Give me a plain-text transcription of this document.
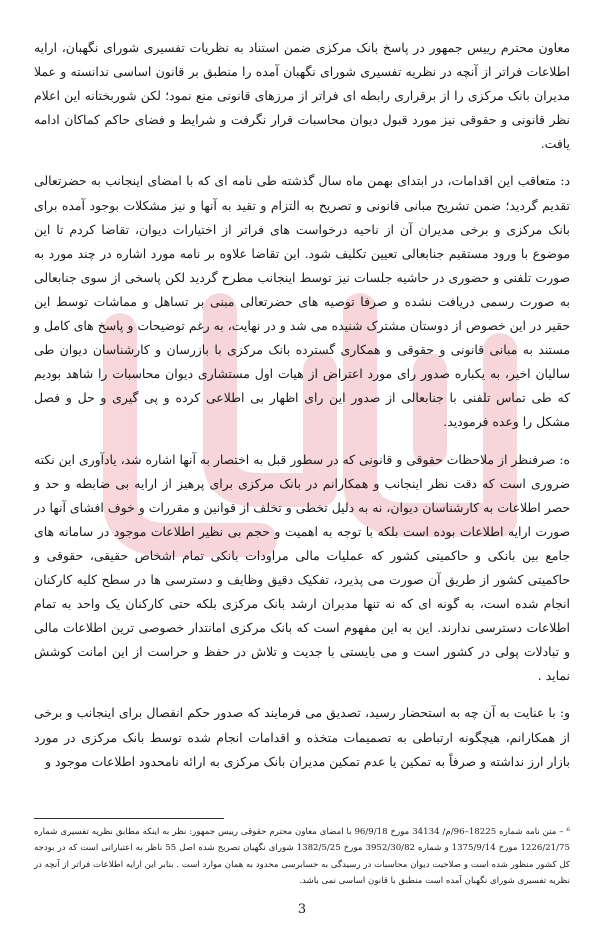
معاون محترم رییس جمهور در پاسخ بانک مرکزی ضمن استناد به نظریات تفسیری شورای نگهبان، ارایه اطلاعات فراتر از آنچه در نظریه تفسیری شورای نگهبان آمده را منطبق بر قانون اساسی ندانسته و عملا مدیران بانک مرکزی را از برقراری رابطه ای فراتر از مرزهای قانونی منع نمود؛ لکن شوربختانه این اعلام نظر قانونی و حقوقی نیز مورد قبول دیوان محاسبات قرار نگرفت و شرایط و فضای حاکم کماکان ادامه یافت.

د: متعاقب این اقدامات، در ابتدای بهمن ماه سال گذشته طی نامه ای که با امضای اینجانب به حضرتعالی تقدیم گردید؛ ضمن تشریح مبانی قانونی و تصریح به التزام و تقید به آنها و نیز مشکلات بوجود آمده برای بانک مرکزی و برخی مدیران آن از ناحیه درخواست های فراتر از اختیارات دیوان، تقاضا کردم تا این موضوع با ورود مستقیم جنابعالی تعیین تکلیف شود. این تقاضا علاوه بر نامه مورد اشاره در چند مورد به صورت تلفنی و حضوری در حاشیه جلسات نیز توسط اینجانب مطرح گردید لکن پاسخی از سوی جنابعالی به صورت رسمی دریافت نشده و صرفا توصیه های حضرتعالی مبنی بر تساهل و مماشات توسط این حقیر در این خصوص از دوستان مشترک شنیده می شد و در نهایت، به رغم توضیحات و پاسخ های کامل و مستند به مبانی قانونی و حقوقی و همکاری گسترده بانک مرکزی با بازرسان و کارشناسان دیوان طی سالیان اخیر، به یکباره صدور رای مورد اعتراض از هیات اول مستشاری دیوان محاسبات را شاهد بودیم که طی تماس تلفنی با جنابعالی از صدور این رای اظهار بی اطلاعی کرده و پی گیری و حل و فصل مشکل را وعده فرمودید.

ه: صرفنظر از ملاحظات حقوقی و قانونی که در سطور قبل به اختصار به آنها اشاره شد، یادآوری این نکته ضروری است که دقت نظر اینجانب و همکارانم در بانک مرکزی برای پرهیز از ارایه بی ضابطه و حد و حصر اطلاعات به کارشناسان دیوان، نه به دلیل تخطی و تخلف از قوانین و مقررات و خوف افشای آنها در صورت ارایه اطلاعات بوده است بلکه با توجه به اهمیت و حجم بی نظیر اطلاعات موجود در سامانه های جامع بین بانکی و حاکمیتی کشور که عملیات مالی مراودات بانکی تمام اشخاص حقیقی، حقوقی و حاکمیتی کشور از طریق آن صورت می پذیرد، تفکیک دقیق وظایف و دسترسی ها در سطح کلیه کارکنان انجام شده است، به گونه ای که نه تنها مدیران ارشد بانک مرکزی بلکه حتی کارکنان یک واحد به تمام اطلاعات دسترسی ندارند. این به این مفهوم است که بانک مرکزی امانتدار خصوصی ترین اطلاعات مالی و تبادلات پولی در کشور است و می بایستی با جدیت و تلاش در حفظ و حراست از این امانت کوشش نماید .

و: با عنایت به آن چه به استحضار رسید، تصدیق می فرمایند که صدور حکم انفصال برای اینجانب و برخی از همکارانم، هیچگونه ارتباطی به تصمیمات متخذه و اقدامات انجام شده توسط بانک مرکزی در مورد بازار ارز نداشته و صرفاً به تمکین یا عدم تمکین مدیران بانک مرکزی به ارائه نامحدود اطلاعات موجود و

⁶ – متن نامه شماره 18225–96/م/ 34134 مورخ 96/9/18 با امضای معاون محترم حقوقی رییس جمهور: نظر به اینکه مطابق نظریه تفسیری شماره 1226/21/75 مورخ 1375/9/14 و شماره 3952/30/82 مورخ 1382/5/25 شورای نگهبان تصریح شده اصل 55 ناظر به اعتباراتی است که در بودجه کل کشور منظور شده است و صلاحیت دیوان محاسبات در رسیدگی به حسابرسی محدود به همان موارد است . بنابر این ارایه اطلاعات فراتر از آنچه در نظریه تفسیری شورای نگهبان آمده است منطبق با قانون اساسی نمی باشد.

3
